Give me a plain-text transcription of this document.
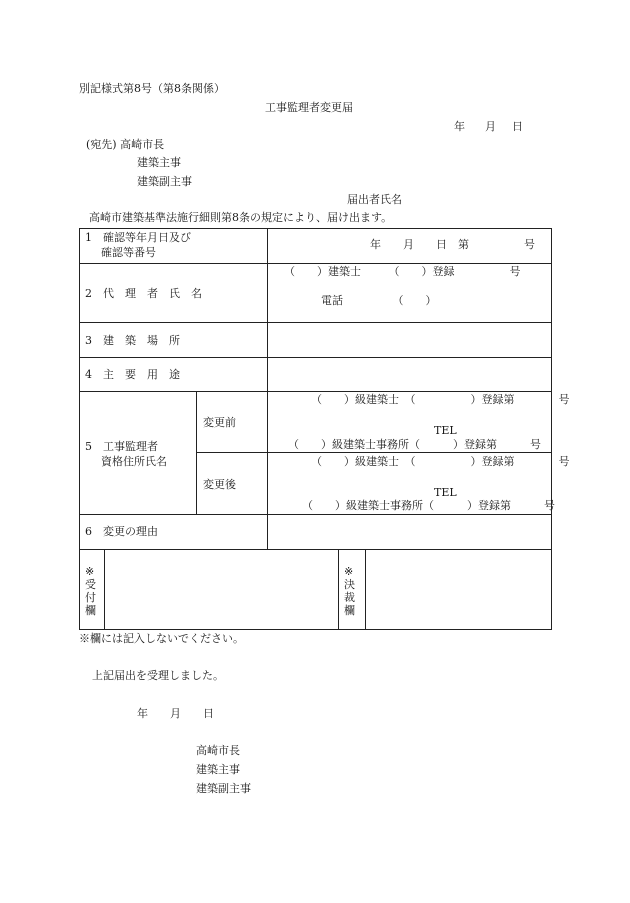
別記様式第8号（第8条関係）
工事監理者変更届
年 月 日
(宛先) 高崎市長
建築主事
建築副主事
届出者氏名
高崎市建築基準法施行細則第8条の規定により、届け出ます。
1　確認等年月日及び
確認等番号
年　　月　　日　第　　　　　号
2　代　理　者　氏　名
（　　）建築士　　　（　　）登録　　　　　号
電話　　　　　（　　）
3　建　築　場　所
4　主　要　用　途
5　工事監理者
資格住所氏名
変更前
（　　）級建築士　（　　　　　）登録第　　　　号
TEL
（　　）級建築士事務所（　　　）登録第　　　号
変更後
（　　）級建築士　（　　　　　）登録第　　　　号
TEL
（　　）級建築士事務所（　　　）登録第　　　号
6　変更の理由
※
受
付
欄
※
決
裁
欄
※欄には記入しないでください。
上記届出を受理しました。
年　　月　　日
高崎市長
建築主事
建築副主事
